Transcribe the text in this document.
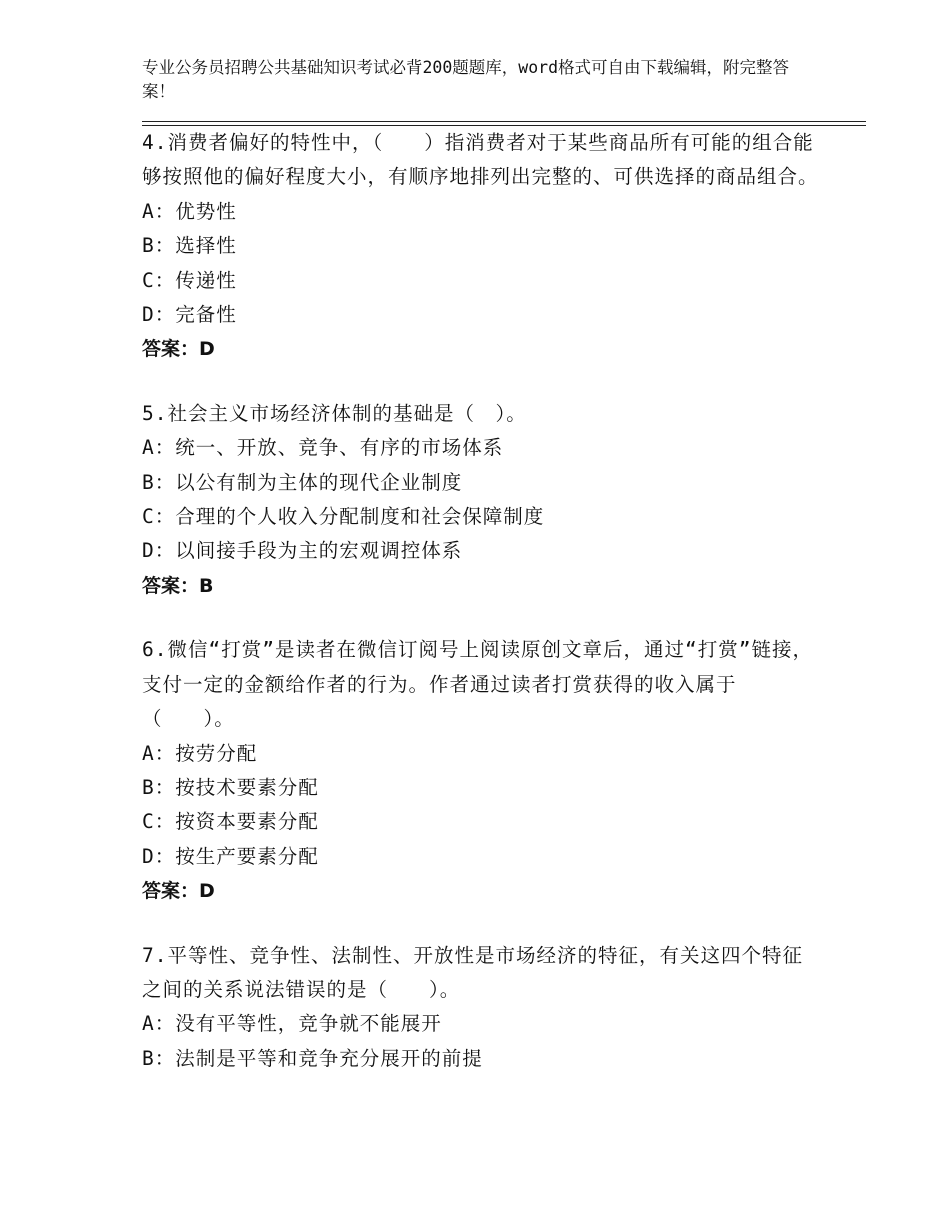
专业公务员招聘公共基础知识考试必背200题题库，word格式可自由下载编辑，附完整答案！

4.消费者偏好的特性中，（　　）指消费者对于某些商品所有可能的组合能够按照他的偏好程度大小，有顺序地排列出完整的、可供选择的商品组合。

A：优势性

B：选择性

C：传递性

D：完备性

答案：D

5.社会主义市场经济体制的基础是（　）。

A：统一、开放、竞争、有序的市场体系

B：以公有制为主体的现代企业制度

C：合理的个人收入分配制度和社会保障制度

D：以间接手段为主的宏观调控体系

答案：B

6.微信“打赏”是读者在微信订阅号上阅读原创文章后，通过“打赏”链接，支付一定的金额给作者的行为。作者通过读者打赏获得的收入属于（　　）。

A：按劳分配

B：按技术要素分配

C：按资本要素分配

D：按生产要素分配

答案：D

7.平等性、竞争性、法制性、开放性是市场经济的特征，有关这四个特征之间的关系说法错误的是（　　）。

A：没有平等性，竞争就不能展开

B：法制是平等和竞争充分展开的前提
